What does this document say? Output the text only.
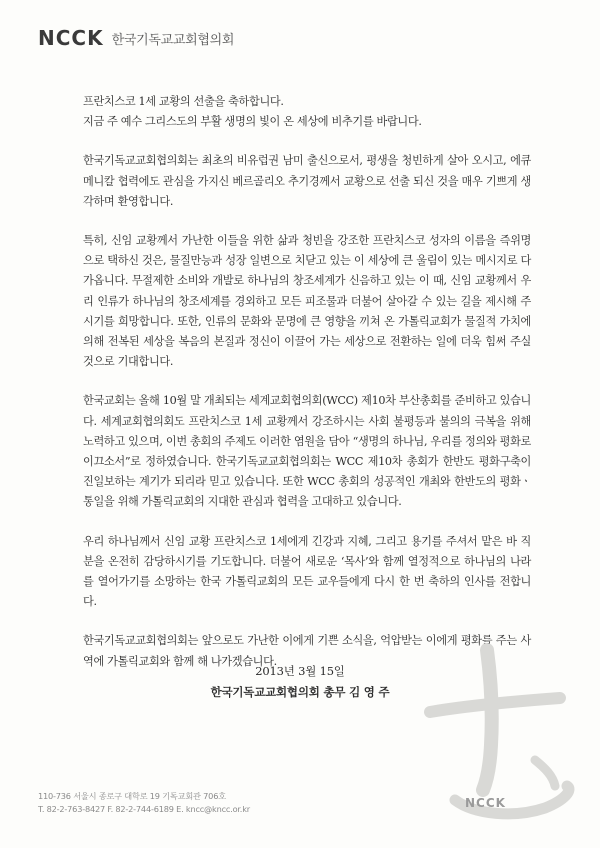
NCCK 한국기독교교회협의회

프란치스코 1세 교황의 선출을 축하합니다.

지금 주 예수 그리스도의 부활 생명의 빛이 온 세상에 비추기를 바랍니다.

한국기독교교회협의회는 최초의 비유럽권 남미 출신으로서, 평생을 청빈하게 살아 오시고, 에큐메니칼 협력에도 관심을 가지신 베르골리오 추기경께서 교황으로 선출 되신 것을 매우 기쁘게 생각하며 환영합니다.

특히, 신임 교황께서 가난한 이들을 위한 삶과 청빈을 강조한 프란치스코 성자의 이름을 즉위명으로 택하신 것은, 물질만능과 성장 일변으로 치닫고 있는 이 세상에 큰 울림이 있는 메시지로 다가옵니다. 무절제한 소비와 개발로 하나님의 창조세계가 신음하고 있는 이 때, 신임 교황께서 우리 인류가 하나님의 창조세계를 경외하고 모든 피조물과 더불어 살아갈 수 있는 길을 제시해 주시기를 희망합니다. 또한, 인류의 문화와 문명에 큰 영향을 끼쳐 온 가톨릭교회가 물질적 가치에 의해 전복된 세상을 복음의 본질과 정신이 이끌어 가는 세상으로 전환하는 일에 더욱 힘써 주실 것으로 기대합니다.

한국교회는 올해 10월 말 개최되는 세계교회협의회(WCC) 제10차 부산총회를 준비하고 있습니다. 세계교회협의회도 프란치스코 1세 교황께서 강조하시는 사회 불평등과 불의의 극복을 위해 노력하고 있으며, 이번 총회의 주제도 이러한 염원을 담아 “생명의 하나님, 우리를 정의와 평화로 이끄소서”로 정하였습니다. 한국기독교교회협의회는 WCC 제10차 총회가 한반도 평화구축이 진일보하는 계기가 되리라 믿고 있습니다. 또한 WCC 총회의 성공적인 개최와 한반도의 평화ㆍ통일을 위해 가톨릭교회의 지대한 관심과 협력을 고대하고 있습니다.

우리 하나님께서 신임 교황 프란치스코 1세에게 긴강과 지혜, 그리고 용기를 주셔서 맡은 바 직분을 온전히 감당하시기를 기도합니다. 더불어 새로운 ‘목사’와 함께 열정적으로 하나님의 나라를 열어가기를 소망하는 한국 가톨릭교회의 모든 교우들에게 다시 한 번 축하의 인사를 전합니다.

한국기독교교회협의회는 앞으로도 가난한 이에게 기쁜 소식을, 억압받는 이에게 평화를 주는 사역에 가톨릭교회와 함께 해 나가겠습니다.

2013년 3월 15일
한국기독교교회협의회 총무 김 영 주
110-736 서울시 종로구 대학로 19 기독교회관 706호
T. 82-2-763-8427 F. 82-2-744-6189 E. kncc@kncc.or.kr	NCCK
